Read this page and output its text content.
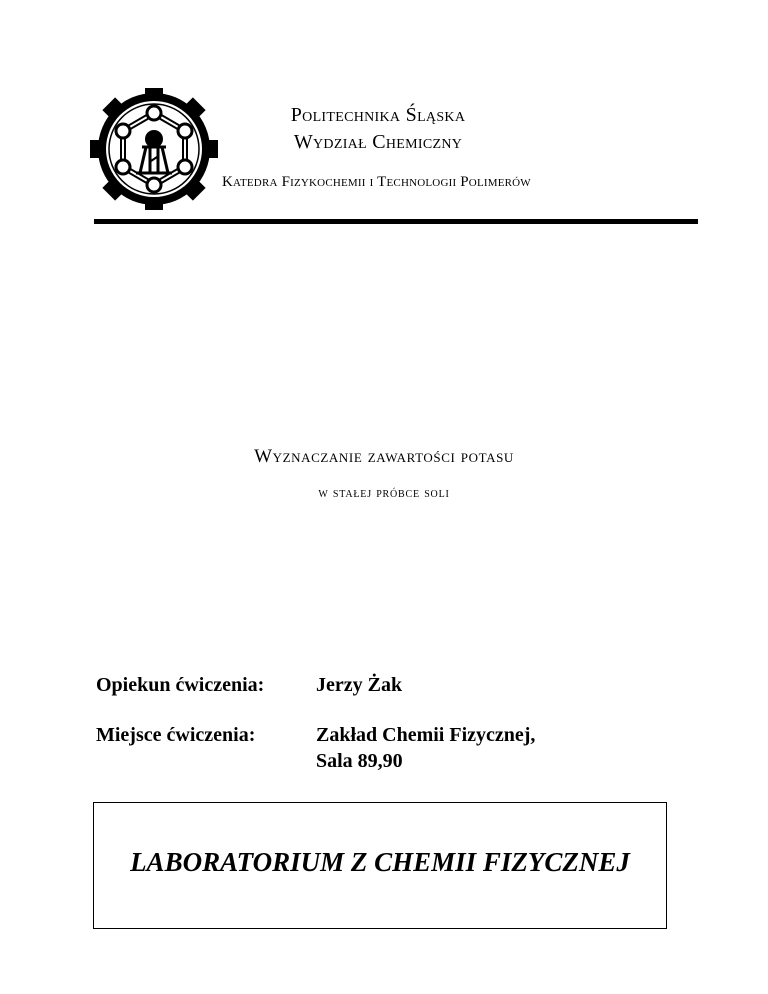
Politechnika Śląska
Wydział Chemiczny
Katedra Fizykochemii i Technologii Polimerów
Wyznaczanie zawartości potasu
w stałej próbce soli
Opiekun ćwiczenia:	Jerzy Żak
Miejsce ćwiczenia:	Zakład Chemii Fizycznej,
Sala 89,90
LABORATORIUM Z CHEMII FIZYCZNEJ
